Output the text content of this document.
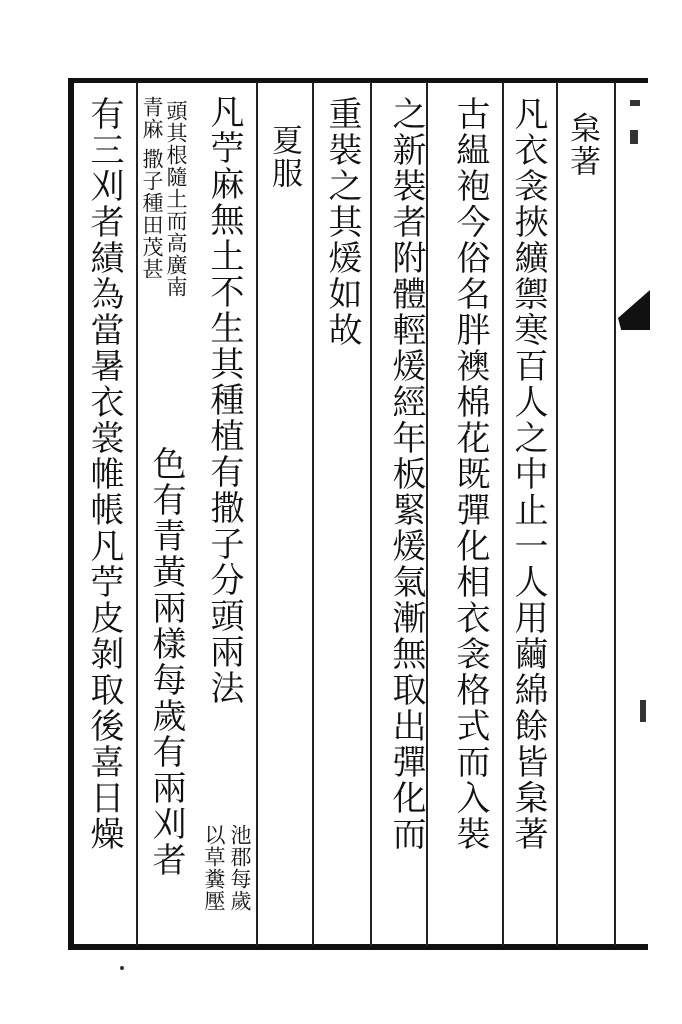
枲著
凡衣衾挾纊禦寒百人之中止一人用繭綿餘皆枲著
古緼袍今俗名胖襖棉花既彈化相衣衾格式而入裝
之新裝者附體輕煖經年板緊煖氣漸無取出彈化而
重裝之其煖如故
夏服
凡苧麻無土不生其種植有撒子分頭兩法
池郡每歲
以草糞壓
頭其根隨土而高廣南
撒子種田茂甚
青麻
色有青黃兩樣每歲有兩刈者
有三刈者績為當暑衣裳帷帳凡苧皮剝取後喜日燥
